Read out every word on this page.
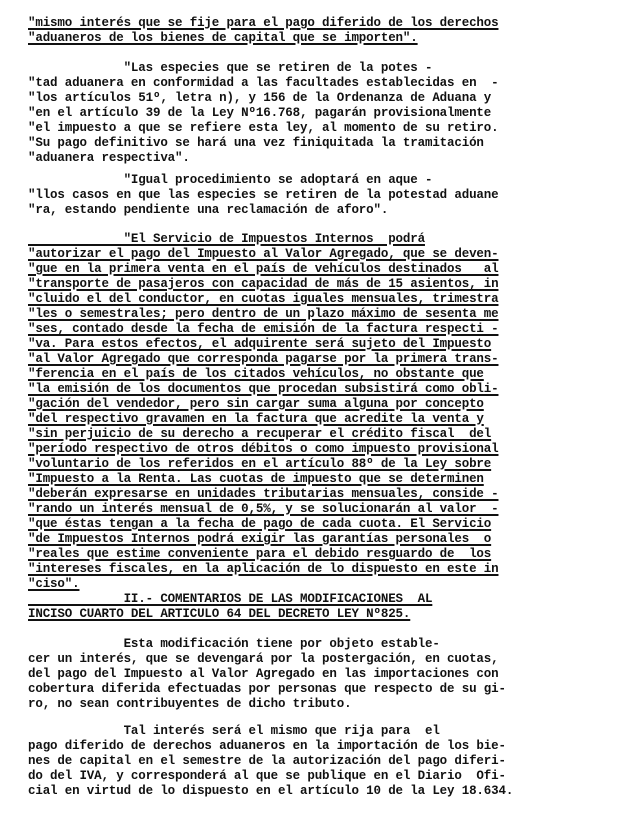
"mismo interés que se fije para el pago diferido de los derechos
"aduaneros de los bienes de capital que se importen".
"Las especies que se retiren de la potes -
"tad aduanera en conformidad a las facultades establecidas en  -
"los artículos 51º, letra n), y 156 de la Ordenanza de Aduana y
"en el artículo 39 de la Ley Nº16.768, pagarán provisionalmente
"el impuesto a que se refiere esta ley, al momento de su retiro.
"Su pago definitivo se hará una vez finiquitada la tramitación
"aduanera respectiva".
"Igual procedimiento se adoptará en aque -
"llos casos en que las especies se retiren de la potestad aduane
"ra, estando pendiente una reclamación de aforo".
"El Servicio de Impuestos Internos  podrá
"autorizar el pago del Impuesto al Valor Agregado, que se deven-
"gue en la primera venta en el país de vehículos destinados   al
"transporte de pasajeros con capacidad de más de 15 asientos, in
"cluido el del conductor, en cuotas iguales mensuales, trimestra
"les o semestrales; pero dentro de un plazo máximo de sesenta me
"ses, contado desde la fecha de emisión de la factura respecti -
"va. Para estos efectos, el adquirente será sujeto del Impuesto
"al Valor Agregado que corresponda pagarse por la primera trans-
"ferencia en el país de los citados vehículos, no obstante que
"la emisión de los documentos que procedan subsistirá como obli-
"gación del vendedor, pero sin cargar suma alguna por concepto
"del respectivo gravamen en la factura que acredite la venta y
"sin perjuicio de su derecho a recuperar el crédito fiscal  del
"período respectivo de otros débitos o como impuesto provisional
"voluntario de los referidos en el artículo 88º de la Ley sobre
"Impuesto a la Renta. Las cuotas de impuesto que se determinen
"deberán expresarse en unidades tributarias mensuales, conside -
"rando un interés mensual de 0,5%, y se solucionarán al valor  -
"que éstas tengan a la fecha de pago de cada cuota. El Servicio
"de Impuestos Internos podrá exigir las garantías personales  o
"reales que estime conveniente para el debido resguardo de  los
"intereses fiscales, en la aplicación de lo dispuesto en este in
"ciso".
II.- COMENTARIOS DE LAS MODIFICACIONES  AL
INCISO CUARTO DEL ARTICULO 64 DEL DECRETO LEY Nº825.
Esta modificación tiene por objeto estable-
cer un interés, que se devengará por la postergación, en cuotas,
del pago del Impuesto al Valor Agregado en las importaciones con
cobertura diferida efectuadas por personas que respecto de su gi-
ro, no sean contribuyentes de dicho tributo.
Tal interés será el mismo que rija para  el
pago diferido de derechos aduaneros en la importación de los bie-
nes de capital en el semestre de la autorización del pago diferi-
do del IVA, y corresponderá al que se publique en el Diario  Ofi-
cial en virtud de lo dispuesto en el artículo 10 de la Ley 18.634.
